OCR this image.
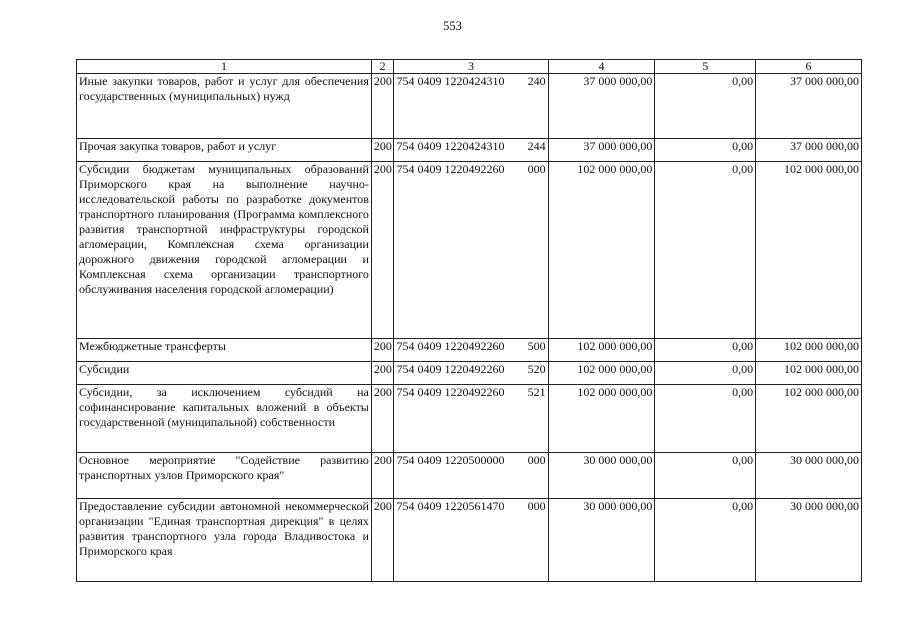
553
1	2	3	4	5	6
Иные закупки товаров, работ и услуг для обеспечения государственных (муниципальных) нужд	200	754 0409 1220424310 240	37 000 000,00	0,00	37 000 000,00
Прочая закупка товаров, работ и услуг	200	754 0409 1220424310 244	37 000 000,00	0,00	37 000 000,00
Субсидии бюджетам муниципальных образований Приморского края на выполнение научно-исследовательской работы по разработке документов транспортного планирования (Программа комплексного развития транспортной инфраструктуры городской агломерации, Комплексная схема организации дорожного движения городской агломерации и Комплексная схема организации транспортного обслуживания населения городской агломерации)	200	754 0409 1220492260 000	102 000 000,00	0,00	102 000 000,00
Межбюджетные трансферты	200	754 0409 1220492260 500	102 000 000,00	0,00	102 000 000,00
Субсидии	200	754 0409 1220492260 520	102 000 000,00	0,00	102 000 000,00
Субсидии, за исключением субсидий на софинансирование капитальных вложений в объекты государственной (муниципальной) собственности	200	754 0409 1220492260 521	102 000 000,00	0,00	102 000 000,00
Основное мероприятие "Содействие развитию транспортных узлов Приморского края"	200	754 0409 1220500000 000	30 000 000,00	0,00	30 000 000,00
Предоставление субсидии автономной некоммерческой организации "Единая транспортная дирекция" в целях развития транспортного узла города Владивостока и Приморского края	200	754 0409 1220561470 000	30 000 000,00	0,00	30 000 000,00
